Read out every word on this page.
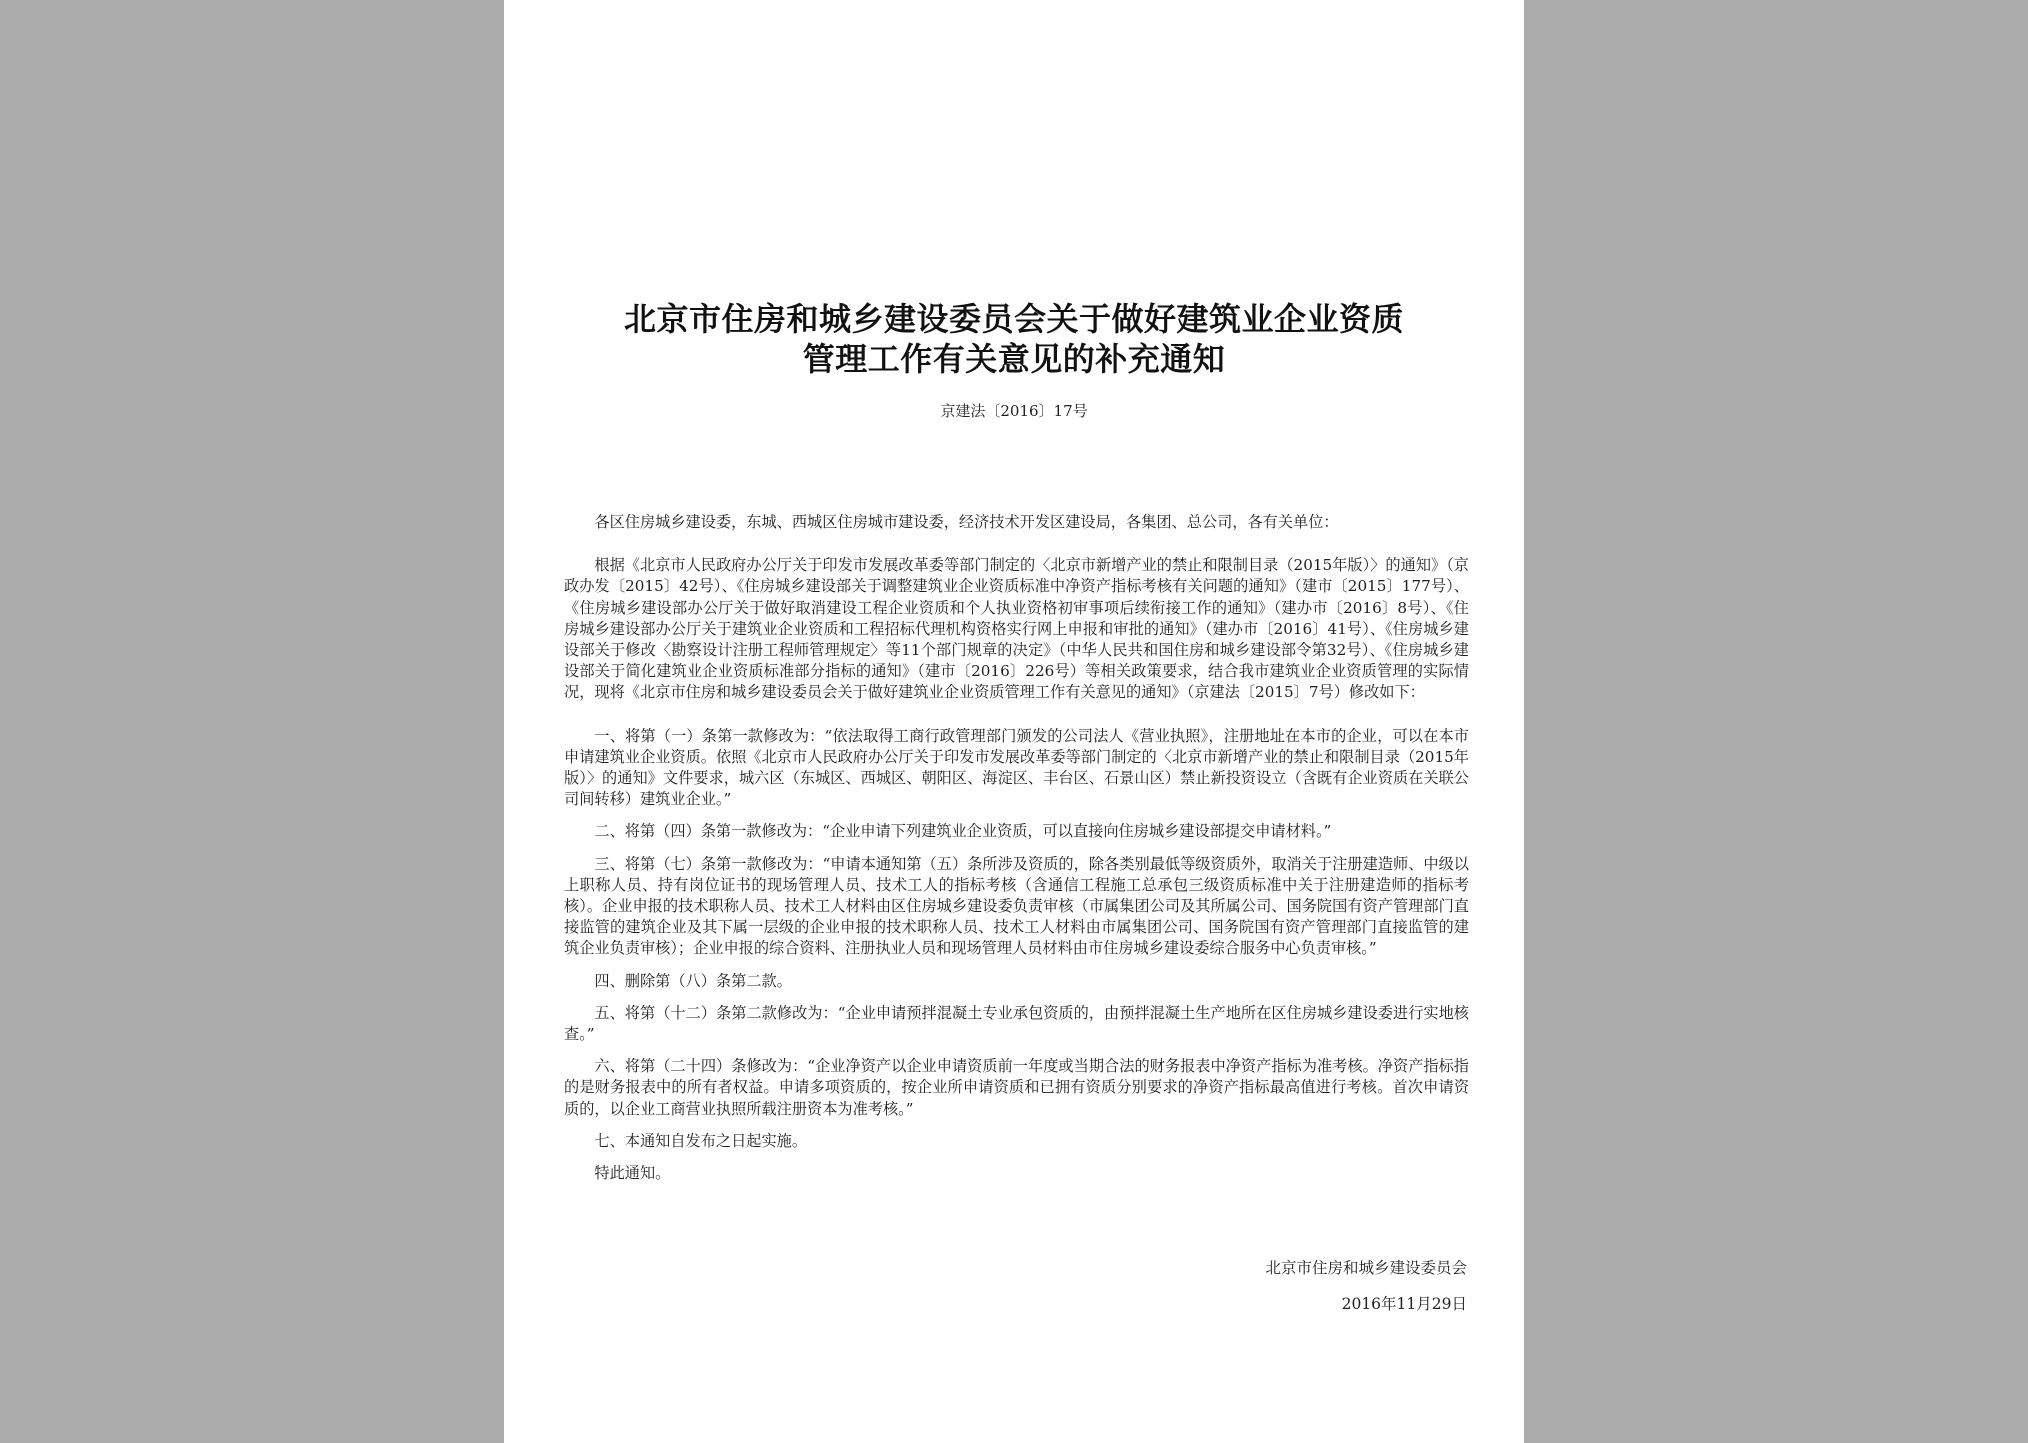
北京市住房和城乡建设委员会关于做好建筑业企业资质
管理工作有关意见的补充通知
京建法〔2016〕17号

各区住房城乡建设委，东城、西城区住房城市建设委，经济技术开发区建设局，各集团、总公司，各有关单位：

根据《北京市人民政府办公厅关于印发市发展改革委等部门制定的〈北京市新增产业的禁止和限制目录（2015年版）〉的通知》（京政办发〔2015〕42号）、《住房城乡建设部关于调整建筑业企业资质标准中净资产指标考核有关问题的通知》（建市〔2015〕177号）、《住房城乡建设部办公厅关于做好取消建设工程企业资质和个人执业资格初审事项后续衔接工作的通知》（建办市〔2016〕8号）、《住房城乡建设部办公厅关于建筑业企业资质和工程招标代理机构资格实行网上申报和审批的通知》（建办市〔2016〕41号）、《住房城乡建设部关于修改〈勘察设计注册工程师管理规定〉等11个部门规章的决定》（中华人民共和国住房和城乡建设部令第32号）、《住房城乡建设部关于简化建筑业企业资质标准部分指标的通知》（建市〔2016〕226号）等相关政策要求，结合我市建筑业企业资质管理的实际情况，现将《北京市住房和城乡建设委员会关于做好建筑业企业资质管理工作有关意见的通知》（京建法〔2015〕7号）修改如下：

一、将第（一）条第一款修改为：“依法取得工商行政管理部门颁发的公司法人《营业执照》，注册地址在本市的企业，可以在本市申请建筑业企业资质。依照《北京市人民政府办公厅关于印发市发展改革委等部门制定的〈北京市新增产业的禁止和限制目录（2015年版）〉的通知》文件要求，城六区（东城区、西城区、朝阳区、海淀区、丰台区、石景山区）禁止新投资设立（含既有企业资质在关联公司间转移）建筑业企业。”

二、将第（四）条第一款修改为：“企业申请下列建筑业企业资质，可以直接向住房城乡建设部提交申请材料。”

三、将第（七）条第一款修改为：“申请本通知第（五）条所涉及资质的，除各类别最低等级资质外，取消关于注册建造师、中级以上职称人员、持有岗位证书的现场管理人员、技术工人的指标考核（含通信工程施工总承包三级资质标准中关于注册建造师的指标考核）。企业申报的技术职称人员、技术工人材料由区住房城乡建设委负责审核（市属集团公司及其所属公司、国务院国有资产管理部门直接监管的建筑企业及其下属一层级的企业申报的技术职称人员、技术工人材料由市属集团公司、国务院国有资产管理部门直接监管的建筑企业负责审核）；企业申报的综合资料、注册执业人员和现场管理人员材料由市住房城乡建设委综合服务中心负责审核。”

四、删除第（八）条第二款。

五、将第（十二）条第二款修改为：“企业申请预拌混凝土专业承包资质的，由预拌混凝土生产地所在区住房城乡建设委进行实地核查。”

六、将第（二十四）条修改为：“企业净资产以企业申请资质前一年度或当期合法的财务报表中净资产指标为准考核。净资产指标指的是财务报表中的所有者权益。申请多项资质的，按企业所申请资质和已拥有资质分别要求的净资产指标最高值进行考核。首次申请资质的，以企业工商营业执照所载注册资本为准考核。”

七、本通知自发布之日起实施。

特此通知。

北京市住房和城乡建设委员会
2016年11月29日
